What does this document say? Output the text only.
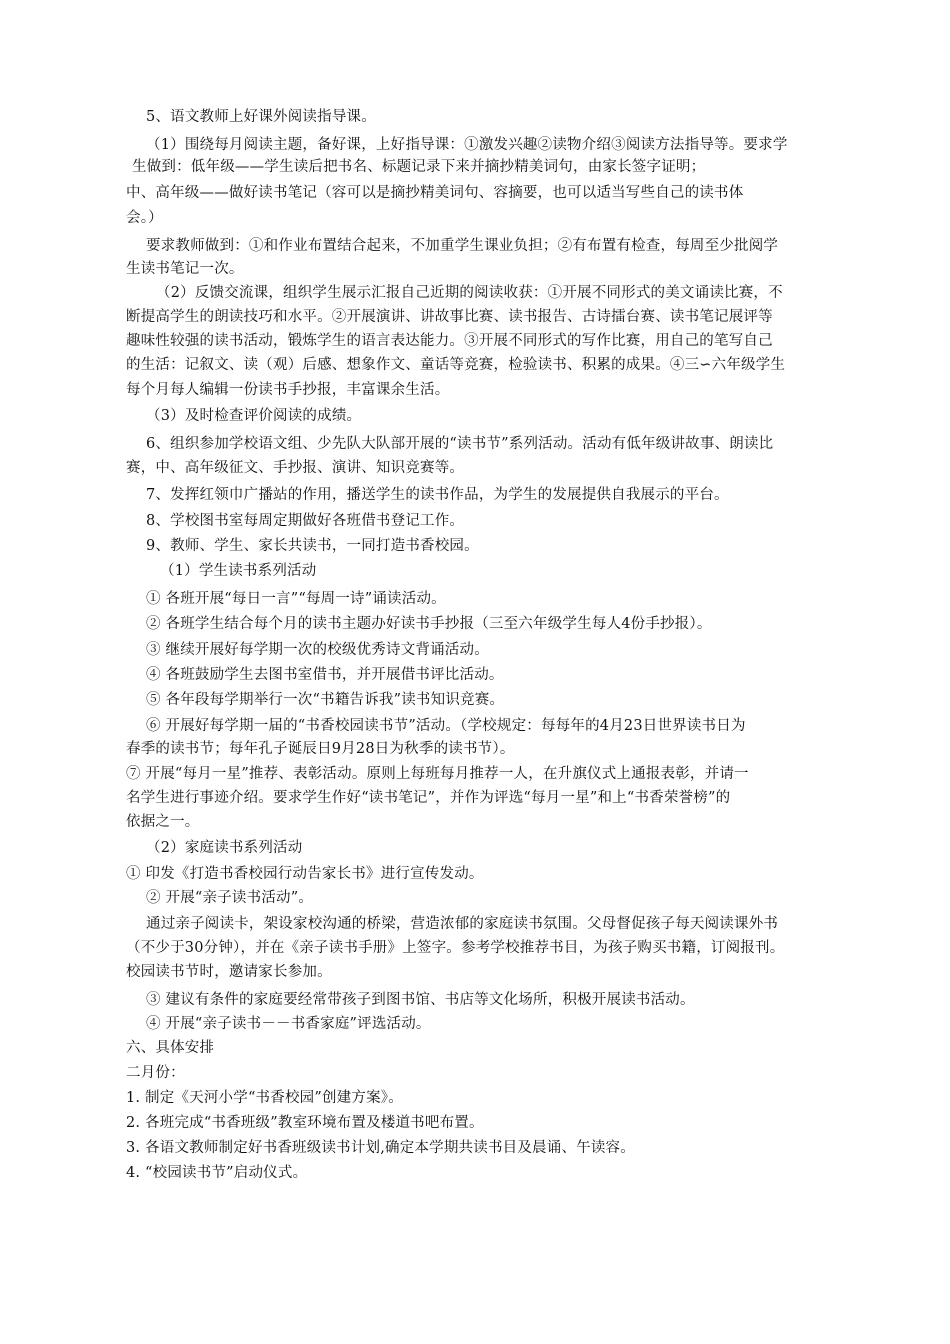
5、语文教师上好课外阅读指导课。
（1）围绕每月阅读主题，备好课，上好指导课：①激发兴趣②读物介绍③阅读方法指导等。要求学
生做到：低年级——学生读后把书名、标题记录下来并摘抄精美词句，由家长签字证明；
中、高年级——做好读书笔记（容可以是摘抄精美词句、容摘要，也可以适当写些自己的读书体
会。）
要求教师做到：①和作业布置结合起来，不加重学生课业负担；②有布置有检查，每周至少批阅学
生读书笔记一次。
（2）反馈交流课，组织学生展示汇报自己近期的阅读收获：①开展不同形式的美文诵读比赛，不
断提高学生的朗读技巧和水平。②开展演讲、讲故事比赛、读书报告、古诗擂台赛、读书笔记展评等
趣味性较强的读书活动，锻炼学生的语言表达能力。③开展不同形式的写作比赛，用自己的笔写自己
的生活：记叙文、读（观）后感、想象作文、童话等竞赛，检验读书、积累的成果。④三∽六年级学生
每个月每人编辑一份读书手抄报，丰富课余生活。
（3）及时检查评价阅读的成绩。
6、组织参加学校语文组、少先队大队部开展的“读书节”系列活动。活动有低年级讲故事、朗读比
赛，中、高年级征文、手抄报、演讲、知识竞赛等。
7、发挥红领巾广播站的作用，播送学生的读书作品，为学生的发展提供自我展示的平台。
8、学校图书室每周定期做好各班借书登记工作。
9、教师、学生、家长共读书，一同打造书香校园。
（1）学生读书系列活动
① 各班开展“每日一言”“每周一诗”诵读活动。
② 各班学生结合每个月的读书主题办好读书手抄报（三至六年级学生每人4份手抄报）。
③ 继续开展好每学期一次的校级优秀诗文背诵活动。
④ 各班鼓励学生去图书室借书，并开展借书评比活动。
⑤ 各年段每学期举行一次“书籍告诉我”读书知识竞赛。
⑥ 开展好每学期一届的“书香校园读书节”活动。（学校规定：每每年的4月23日世界读书日为
春季的读书节；每年孔子诞辰日9月28日为秋季的读书节）。
⑦ 开展“每月一星”推荐、表彰活动。原则上每班每月推荐一人，在升旗仪式上通报表彰，并请一
名学生进行事迹介绍。要求学生作好“读书笔记”，并作为评选“每月一星”和上“书香荣誉榜”的
依据之一。
（2）家庭读书系列活动
① 印发《打造书香校园行动告家长书》进行宣传发动。
② 开展“亲子读书活动”。
通过亲子阅读卡，架设家校沟通的桥梁，营造浓郁的家庭读书氛围。父母督促孩子每天阅读课外书
（不少于30分钟），并在《亲子读书手册》上签字。参考学校推荐书目，为孩子购买书籍，订阅报刊。
校园读书节时，邀请家长参加。
③ 建议有条件的家庭要经常带孩子到图书馆、书店等文化场所，积极开展读书活动。
④ 开展“亲子读书－－书香家庭”评选活动。
六、具体安排
二月份：
1. 制定《天河小学“书香校园”创建方案》。
2. 各班完成“书香班级”教室环境布置及楼道书吧布置。
3. 各语文教师制定好书香班级读书计划,确定本学期共读书目及晨诵、午读容。
4. “校园读书节”启动仪式。
